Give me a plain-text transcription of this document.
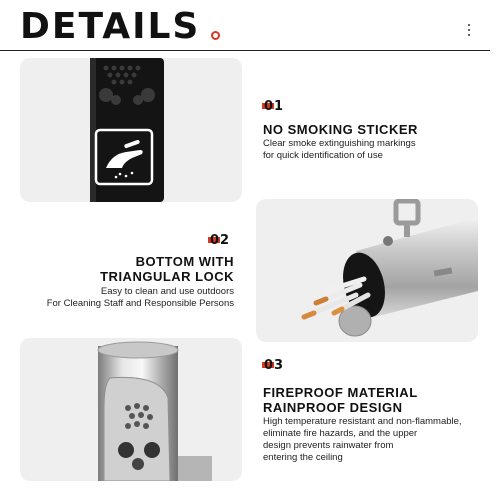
DETAILS
01
NO SMOKING STICKER
Clear smoke extinguishing markings
for quick identification of use
02
BOTTOM WITH
TRIANGULAR LOCK
Easy to clean and use outdoors
For Cleaning Staff and Responsible Persons
03
FIREPROOF MATERIAL
RAINPROOF DESIGN
High temperature resistant and non-flammable,
eliminate fire hazards, and the upper
design prevents rainwater from
entering the ceiling
